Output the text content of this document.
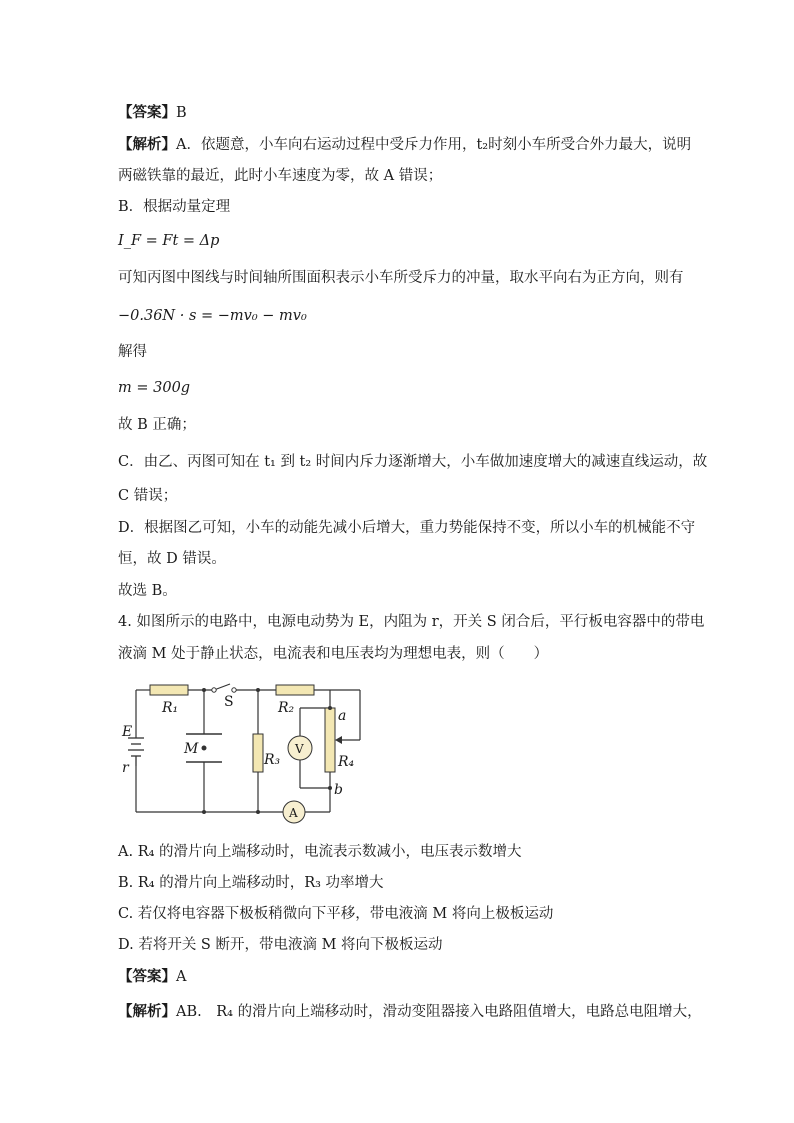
【答案】B
【解析】A．依题意，小车向右运动过程中受斥力作用，t₂时刻小车所受合外力最大，说明
两磁铁靠的最近，此时小车速度为零，故 A 错误；
B．根据动量定理
I_F = Ft = Δp
可知丙图中图线与时间轴所围面积表示小车所受斥力的冲量，取水平向右为正方向，则有
−0.36N · s = −mv₀ − mv₀
解得
m = 300g
故 B 正确；
C．由乙、丙图可知在 t₁ 到 t₂ 时间内斥力逐渐增大，小车做加速度增大的减速直线运动，故
C 错误；
D．根据图乙可知，小车的动能先减小后增大，重力势能保持不变，所以小车的机械能不守
恒，故 D 错误。
故选 B。
4. 如图所示的电路中，电源电动势为 E，内阻为 r，开关 S 闭合后，平行板电容器中的带电
液滴 M 处于静止状态，电流表和电压表均为理想电表，则（　　）
R₁	S	R₂	a
E
r
M	V
R₃	R₄
b
A
A. R₄ 的滑片向上端移动时，电流表示数减小，电压表示数增大
B. R₄ 的滑片向上端移动时，R₃ 功率增大
C. 若仅将电容器下极板稍微向下平移，带电液滴 M 将向上极板运动
D. 若将开关 S 断开，带电液滴 M 将向下极板运动
【答案】A
【解析】AB.　R₄ 的滑片向上端移动时，滑动变阻器接入电路阻值增大，电路总电阻增大，
